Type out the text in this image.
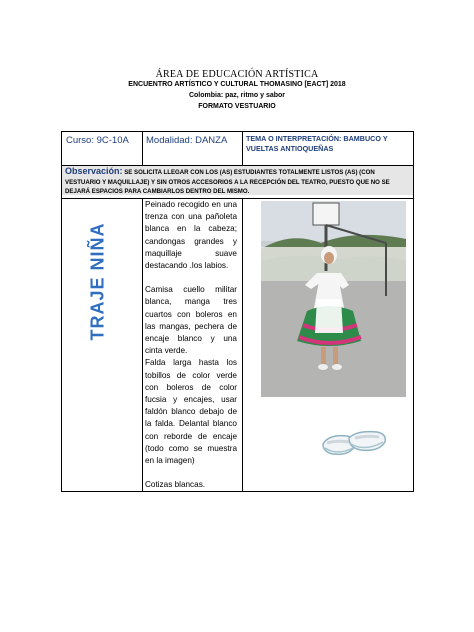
ÁREA DE EDUCACIÓN ARTÍSTICA
ENCUENTRO ARTÍSTICO Y CULTURAL THOMASINO [EACT] 2018
Colombia: paz, ritmo y sabor
FORMATO VESTUARIO
Curso: 9C-10A Modalidad: DANZA	TEMA O INTERPRETACIÓN: BAMBUCO Y VUELTAS ANTIOQUEÑAS
Observación: SE SOLICITA LLEGAR CON LOS (AS) ESTUDIANTES TOTALMENTE LISTOS (AS) (CON VESTUARIO Y MAQUILLAJE) Y SIN OTROS ACCESORIOS A LA RECEPCIÓN DEL TEATRO, PUESTO QUE NO SE DEJARÁ ESPACIOS PARA CAMBIARLOS DENTRO DEL MISMO.
TRAJE NIÑA

Peinado recogido en una trenza con una pañoleta blanca en la cabeza; candongas grandes y maquillaje suave destacando .los labios.

Camisa cuello militar blanca, manga tres cuartos con boleros en las mangas, pechera de encaje blanco y una cinta verde.

Falda larga hasta los tobillos de color verde con boleros de color fucsia y encajes, usar faldón blanco debajo de la falda. Delantal blanco con reborde de encaje (todo como se muestra en la imagen)

Cotizas blancas.
